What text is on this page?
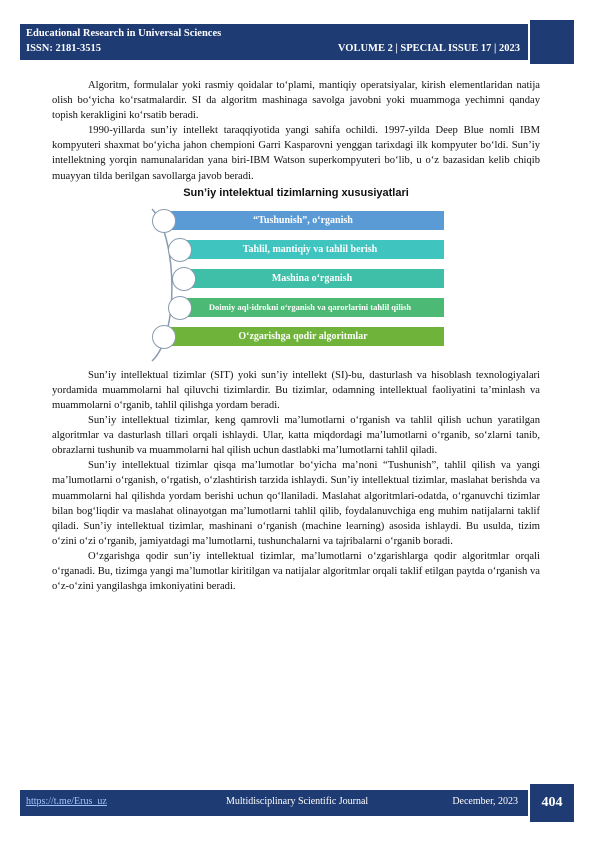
Educational Research in Universal Sciences
ISSN: 2181-3515	VOLUME 2 | SPECIAL ISSUE 17 | 2023

Algoritm, formulalar yoki rasmiy qoidalar to‘plami, mantiqiy operatsiyalar, kirish elementlaridan natija olish bo‘yicha ko‘rsatmalardir. SI da algoritm mashinaga savolga javobni yoki muammoga yechimni qanday topish kerakligini ko‘rsatib beradi.

1990-yillarda sun’iy intellekt taraqqiyotida yangi sahifa ochildi. 1997-yilda Deep Blue nomli IBM kompyuteri shaxmat bo‘yicha jahon chempioni Garri Kasparovni yenggan tarixdagi ilk kompyuter bo‘ldi. Sun’iy intellektning yorqin namunalaridan yana biri-IBM Watson superkompyuteri bo‘lib, u o‘z bazasidan kelib chiqib muayyan tilda berilgan savollarga javob beradi.

Sun’iy intelektual tizimlarning xususiyatlari
“Tushunish”, o‘rganish
Tahlil, mantiqiy va tahlil berish
Mashina o‘rganish
Doimiy aql-idrokni o‘rganish va qarorlarini tahlil qilish
O‘zgarishga qodir algoritmlar

Sun’iy intellektual tizimlar (SIT) yoki sun’iy intellekt (SI)-bu, dasturlash va hisoblash texnologiyalari yordamida muammolarni hal qiluvchi tizimlardir. Bu tizimlar, odamning intellektual faoliyatini ta’minlash va muammolarni o‘rganib, tahlil qilishga yordam beradi.

Sun’iy intellektual tizimlar, keng qamrovli ma’lumotlarni o‘rganish va tahlil qilish uchun yaratilgan algoritmlar va dasturlash tillari orqali ishlaydi. Ular, katta miqdordagi ma’lumotlarni o‘rganib, so‘zlarni tanib, obrazlarni tushunib va muammolarni hal qilish uchun dastlabki ma’lumotlarni tahlil qiladi.

Sun’iy intellektual tizimlar qisqa ma’lumotlar bo‘yicha ma’noni “Tushunish”, tahlil qilish va yangi ma’lumotlarni o‘rganish, o‘rgatish, o‘zlashtirish tarzida ishlaydi. Sun’iy intellektual tizimlar, maslahat berishda va muammolarni hal qilishda yordam berishi uchun qo‘llaniladi. Maslahat algoritmlari-odatda, o‘rganuvchi tizimlar bilan bog‘liqdir va maslahat olinayotgan ma’lumotlarni tahlil qilib, foydalanuvchiga eng muhim natijalarni taklif qiladi. Sun’iy intellektual tizimlar, mashinani o‘rganish (machine learning) asosida ishlaydi. Bu usulda, tizim o‘zini o‘zi o‘rganib, jamiyatdagi ma’lumotlarni, tushunchalarni va tajribalarni o‘rganib boradi.

O‘zgarishga qodir sun’iy intellektual tizimlar, ma’lumotlarni o‘zgarishlarga qodir algoritmlar orqali o‘rganadi. Bu, tizimga yangi ma’lumotlar kiritilgan va natijalar algoritmlar orqali taklif etilgan paytda o‘rganish va o‘z-o‘zini yangilashga imkoniyatini beradi.

https://t.me/Erus_uz	Multidisciplinary Scientific Journal	December, 2023	404
